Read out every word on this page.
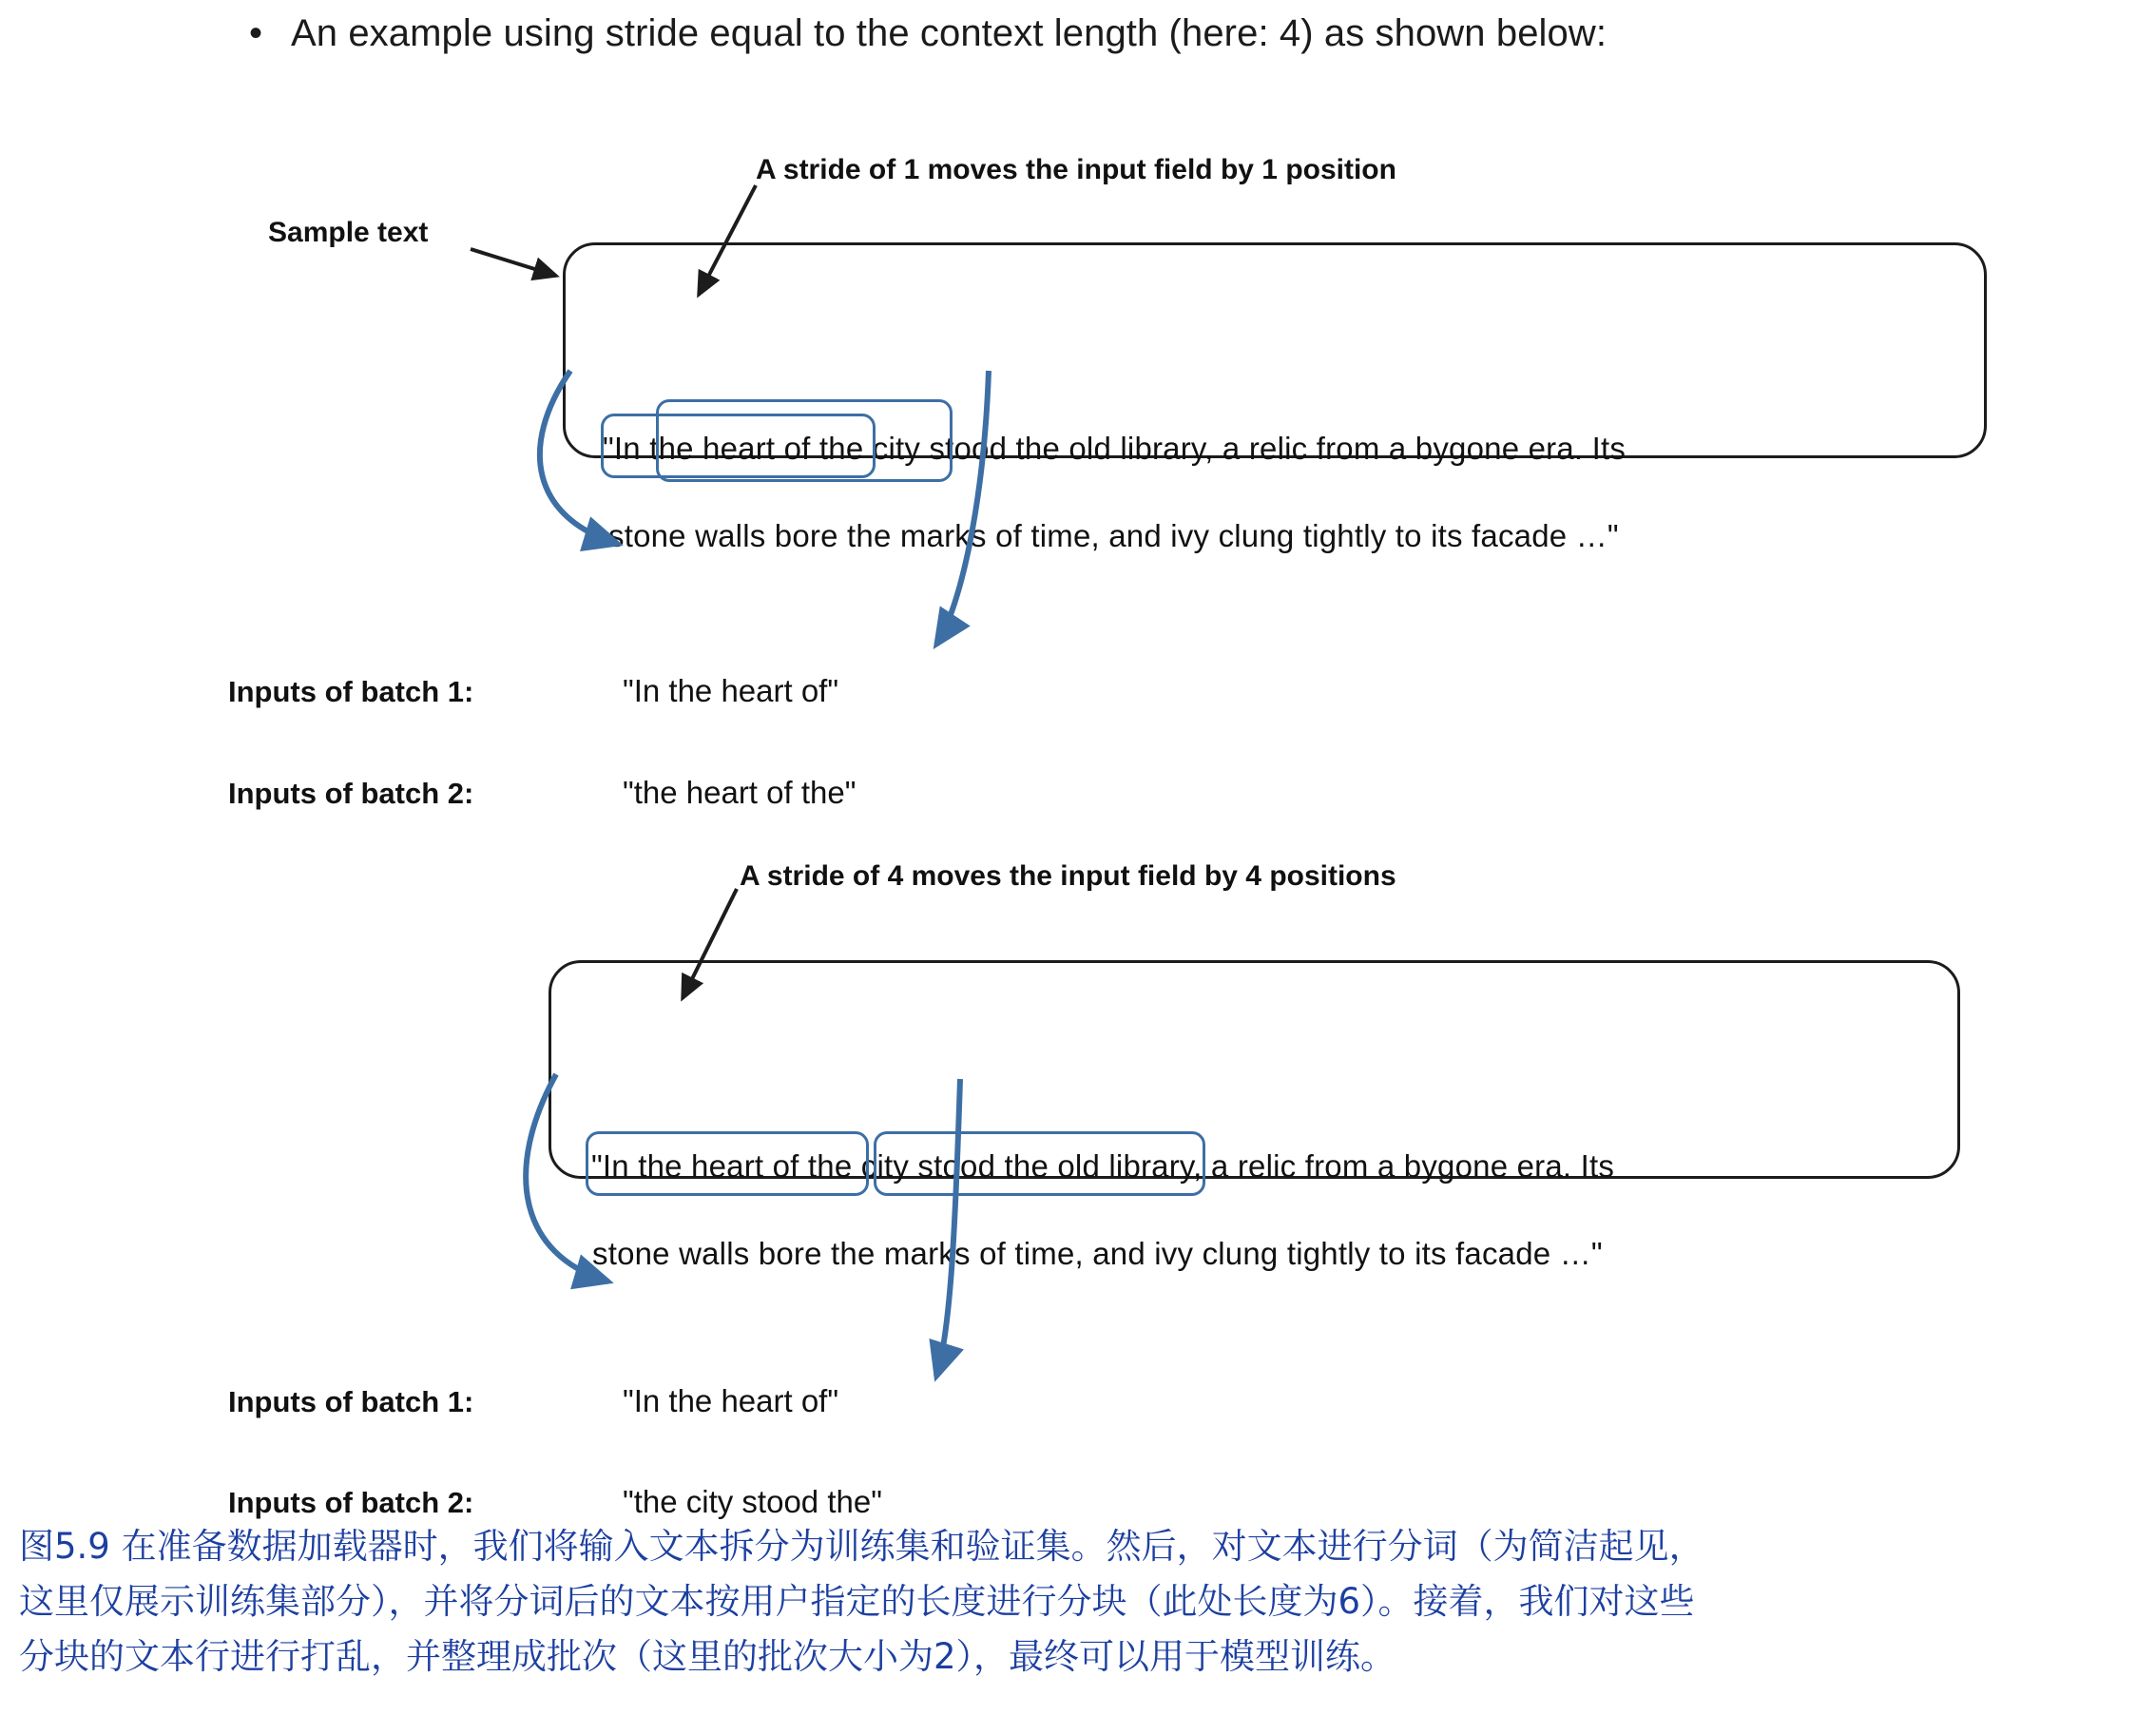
• An example using stride equal to the context length (here: 4) as shown below:
A stride of 1 moves the input field by 1 position
Sample text
"In the heart of the city stood the old library, a relic from a bygone era. Its
stone walls bore the marks of time, and ivy clung tightly to its facade …"
Inputs of batch 1:	"In the heart of"
Inputs of batch 2:	"the heart of the"
A stride of 4 moves the input field by 4 positions
"In the heart of the city stood the old library, a relic from a bygone era. Its
stone walls bore the marks of time, and ivy clung tightly to its facade …"
Inputs of batch 1:	"In the heart of"
Inputs of batch 2:	"the city stood the"
图5.9 在准备数据加载器时，我们将输入文本拆分为训练集和验证集。然后，对文本进行分词（为简洁起见，
这里仅展示训练集部分），并将分词后的文本按用户指定的长度进行分块（此处长度为6）。接着，我们对这些
分块的文本行进行打乱，并整理成批次（这里的批次大小为2），最终可以用于模型训练。
